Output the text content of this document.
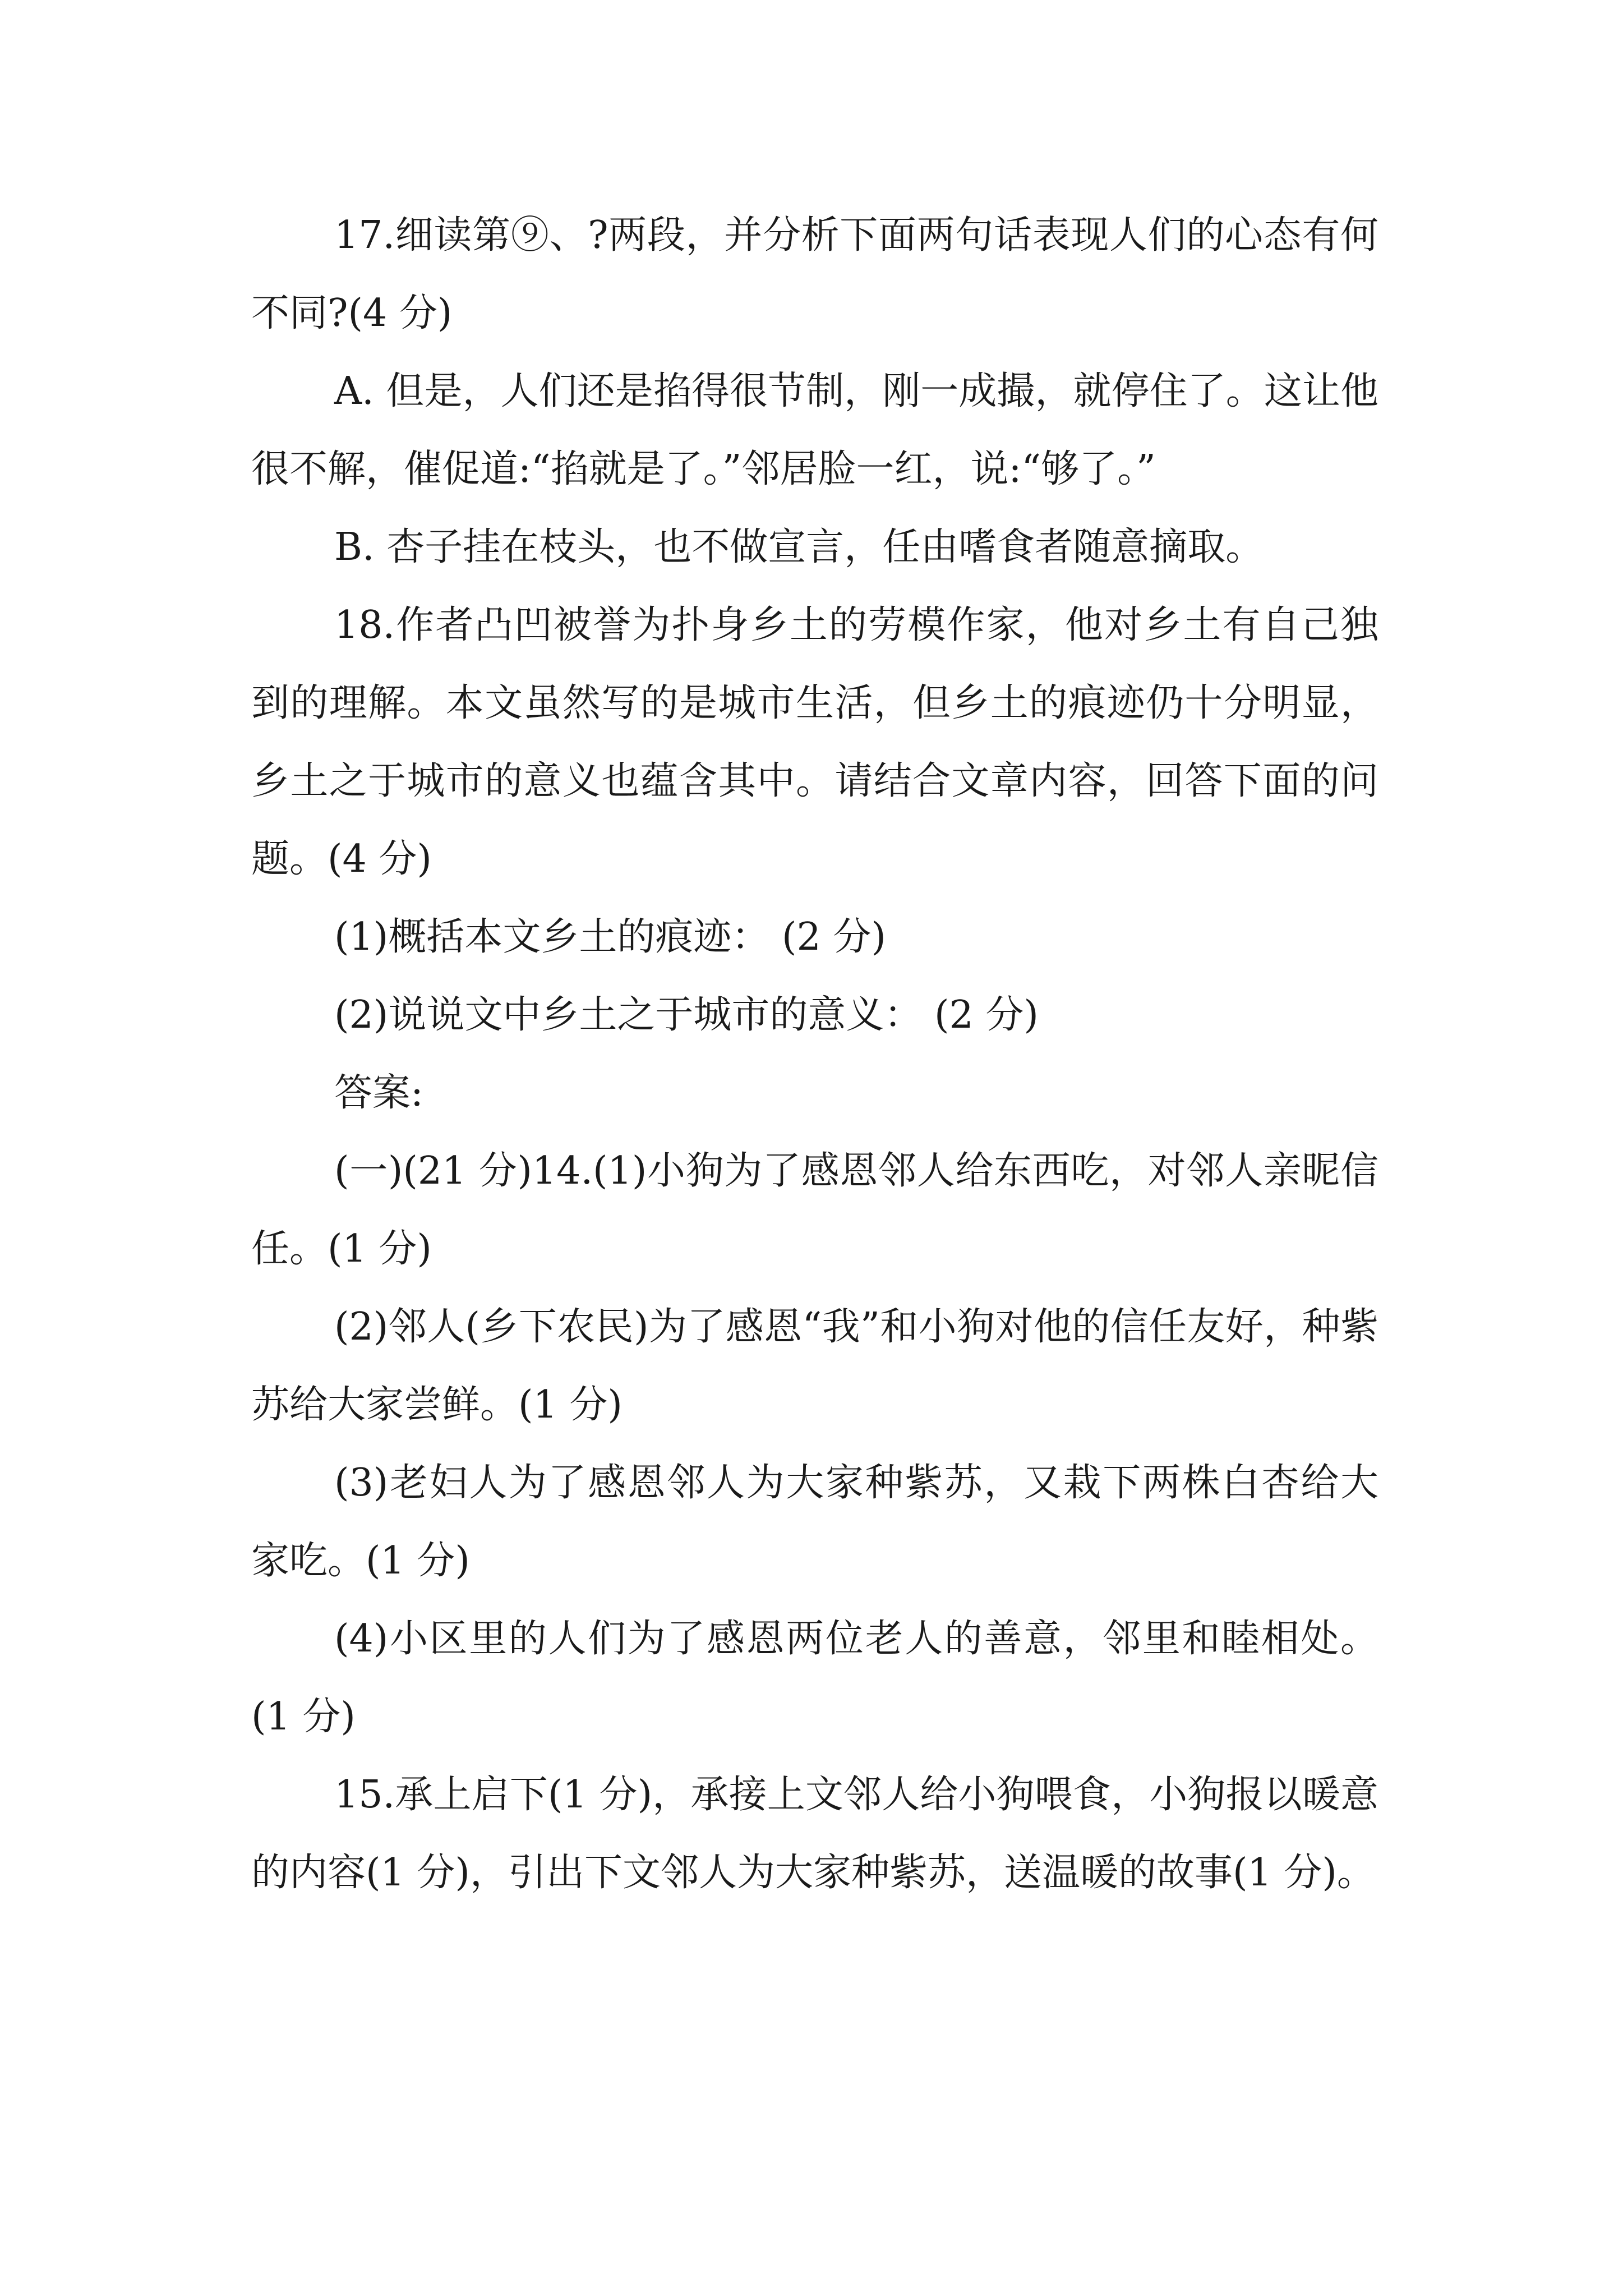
17.细读第⑨、?两段，并分析下面两句话表现人们的心态有何不同?(4 分)

A. 但是，人们还是掐得很节制，刚一成撮，就停住了。这让他很不解，催促道:“掐就是了。”邻居脸一红，说:“够了。”

B. 杏子挂在枝头，也不做宣言，任由嗜食者随意摘取。

18.作者凸凹被誉为扑身乡土的劳模作家，他对乡土有自己独到的理解。本文虽然写的是城市生活，但乡土的痕迹仍十分明显，乡土之于城市的意义也蕴含其中。请结合文章内容，回答下面的问题。(4 分)

(1)概括本文乡土的痕迹： (2 分)

(2)说说文中乡土之于城市的意义： (2 分)

答案:

(一)(21 分)14.(1)小狗为了感恩邻人给东西吃，对邻人亲昵信任。(1 分)

(2)邻人(乡下农民)为了感恩“我”和小狗对他的信任友好，种紫苏给大家尝鲜。(1 分)

(3)老妇人为了感恩邻人为大家种紫苏，又栽下两株白杏给大家吃。(1 分)

(4)小区里的人们为了感恩两位老人的善意，邻里和睦相处。(1 分)

15.承上启下(1 分)，承接上文邻人给小狗喂食，小狗报以暖意的内容(1 分)，引出下文邻人为大家种紫苏，送温暖的故事(1 分)。
